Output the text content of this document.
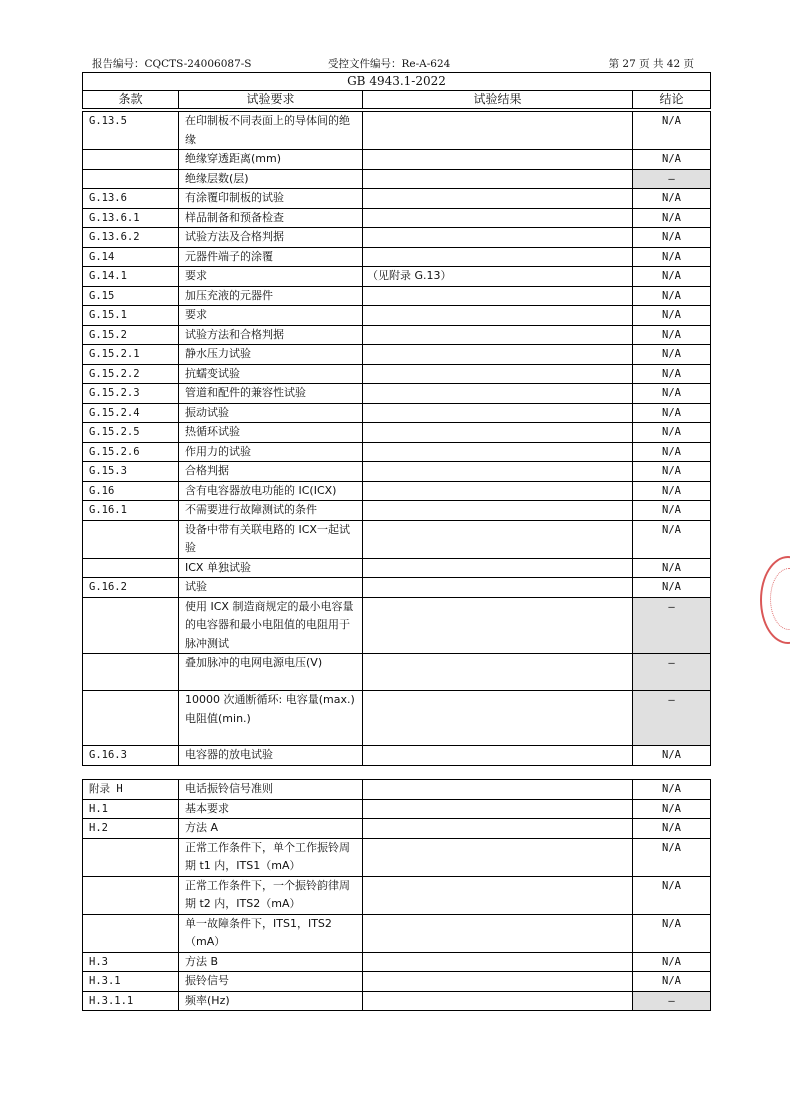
报告编号：CQCTS-24006087-S	受控文件编号：Re-A-624	第 27 页 共 42 页
GB 4943.1-2022
条款	试验要求	试验结果	结论
G.13.5	在印制板不同表面上的导体间的绝缘		N/A
	绝缘穿透距离(mm)		N/A
	绝缘层数(层)		—
G.13.6	有涂覆印制板的试验		N/A
G.13.6.1	样品制备和预备检查		N/A
G.13.6.2	试验方法及合格判据		N/A
G.14	元器件端子的涂覆		N/A
G.14.1	要求	（见附录 G.13）	N/A
G.15	加压充液的元器件		N/A
G.15.1	要求		N/A
G.15.2	试验方法和合格判据		N/A
G.15.2.1	静水压力试验		N/A
G.15.2.2	抗蠕变试验		N/A
G.15.2.3	管道和配件的兼容性试验		N/A
G.15.2.4	振动试验		N/A
G.15.2.5	热循环试验		N/A
G.15.2.6	作用力的试验		N/A
G.15.3	合格判据		N/A
G.16	含有电容器放电功能的 IC(ICX)		N/A
G.16.1	不需要进行故障测试的条件		N/A
	设备中带有关联电路的 ICX一起试验		N/A
	ICX 单独试验		N/A
G.16.2	试验		N/A
	使用 ICX 制造商规定的最小电容量的电容器和最小电阻值的电阻用于脉冲测试		—
	叠加脉冲的电网电源电压(V)		—
	10000 次通断循环: 电容量(max.) 电阻值(min.)		—
G.16.3	电容器的放电试验		N/A
附录 H	电话振铃信号准则		N/A
H.1	基本要求		N/A
H.2	方法 A		N/A
	正常工作条件下，单个工作振铃周期 t1 内，ITS1（mA）		N/A
	正常工作条件下，一个振铃韵律周期 t2 内，ITS2（mA）		N/A
	单一故障条件下，ITS1，ITS2（mA）		N/A
H.3	方法 B		N/A
H.3.1	振铃信号		N/A
H.3.1.1	频率(Hz)		—
